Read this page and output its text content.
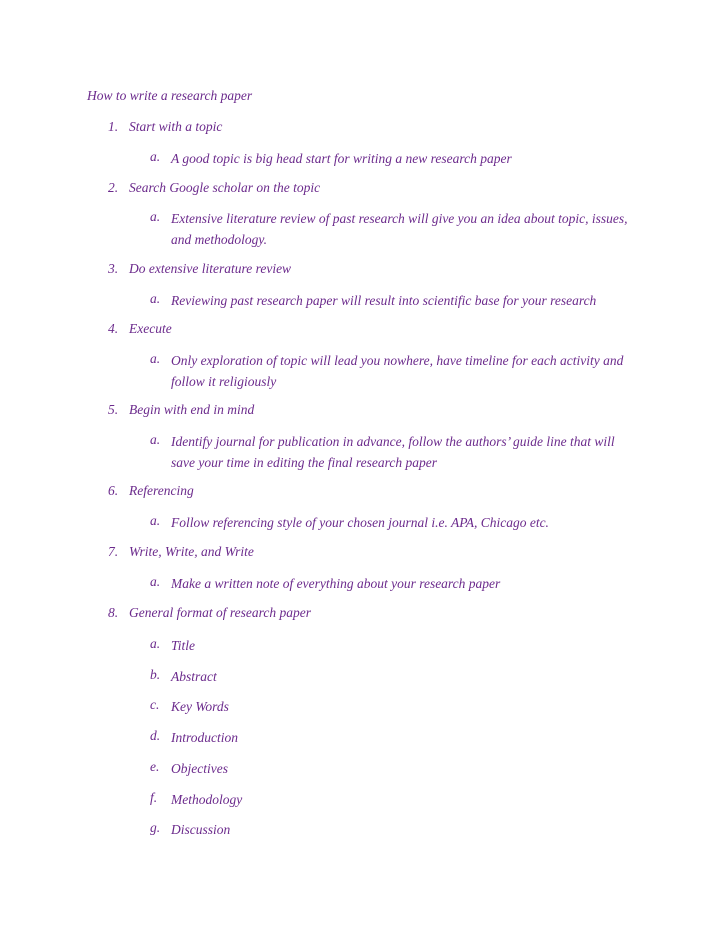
How to write a research paper
1. Start with a topic
a. A good topic is big head start for writing a new research paper
2. Search Google scholar on the topic
a. Extensive literature review of past research will give you an idea about topic, issues, and methodology.
3. Do extensive literature review
a. Reviewing past research paper will result into scientific base for your research
4. Execute
a. Only exploration of topic will lead you nowhere, have timeline for each activity and follow it religiously
5. Begin with end in mind
a. Identify journal for publication in advance, follow the authors’ guide line that will save your time in editing the final research paper
6. Referencing
a. Follow referencing style of your chosen journal i.e. APA, Chicago etc.
7. Write, Write, and Write
a. Make a written note of everything about your research paper
8. General format of research paper
a. Title
b. Abstract
c. Key Words
d. Introduction
e. Objectives
f. Methodology
g. Discussion
